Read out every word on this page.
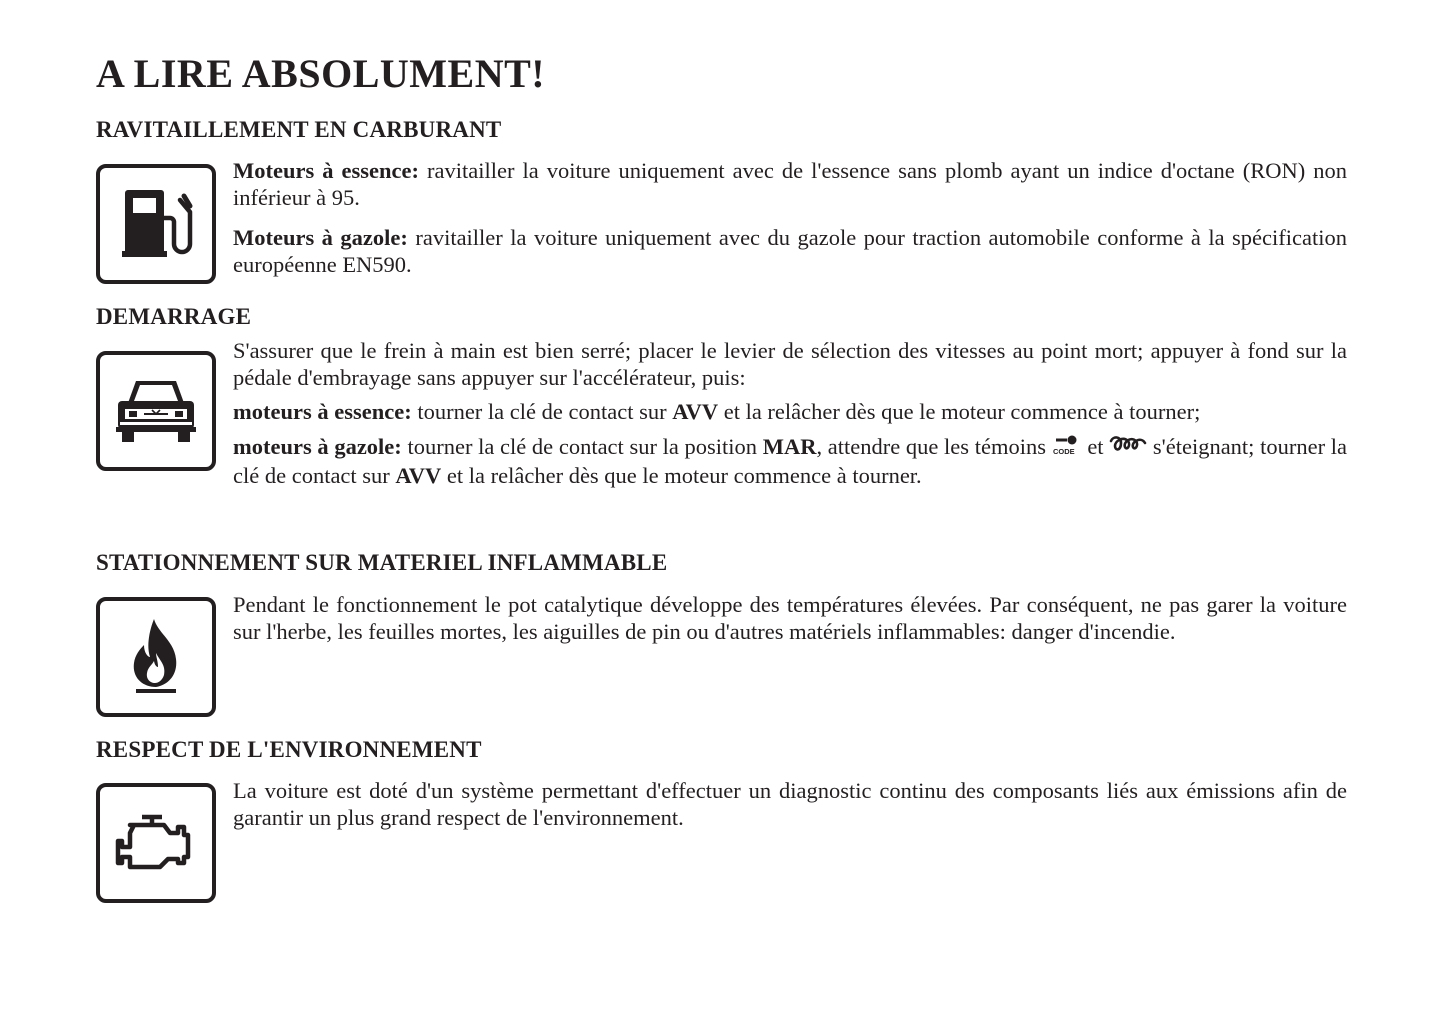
A LIRE ABSOLUMENT!
RAVITAILLEMENT EN CARBURANT

Moteurs à essence: ravitailler la voiture uniquement avec de l'essence sans plomb ayant un indice d'octane (RON) non inférieur à 95.

Moteurs à gazole: ravitailler la voiture uniquement avec du gazole pour traction automobile conforme à la spécification européenne EN590.

DEMARRAGE

S'assurer que le frein à main est bien serré; placer le levier de sélection des vitesses au point mort; appuyer à fond sur la pédale d'embrayage sans appuyer sur l'accélérateur, puis:

moteurs à essence: tourner la clé de contact sur AVV et la relâcher dès que le moteur commence à tourner;

moteurs à gazole: tourner la clé de contact sur la position MAR, attendre que les témoins CODE et  s'éteignant; tourner la clé de contact sur AVV et la relâcher dès que le moteur commence à tourner.

STATIONNEMENT SUR MATERIEL INFLAMMABLE

Pendant le fonctionnement le pot catalytique développe des températures élevées. Par conséquent, ne pas garer la voiture sur l'herbe, les feuilles mortes, les aiguilles de pin ou d'autres matériels inflammables: danger d'incendie.

RESPECT DE L'ENVIRONNEMENT

La voiture est doté d'un système permettant d'effectuer un diagnostic continu des composants liés aux émissions afin de garantir un plus grand respect de l'environnement.
